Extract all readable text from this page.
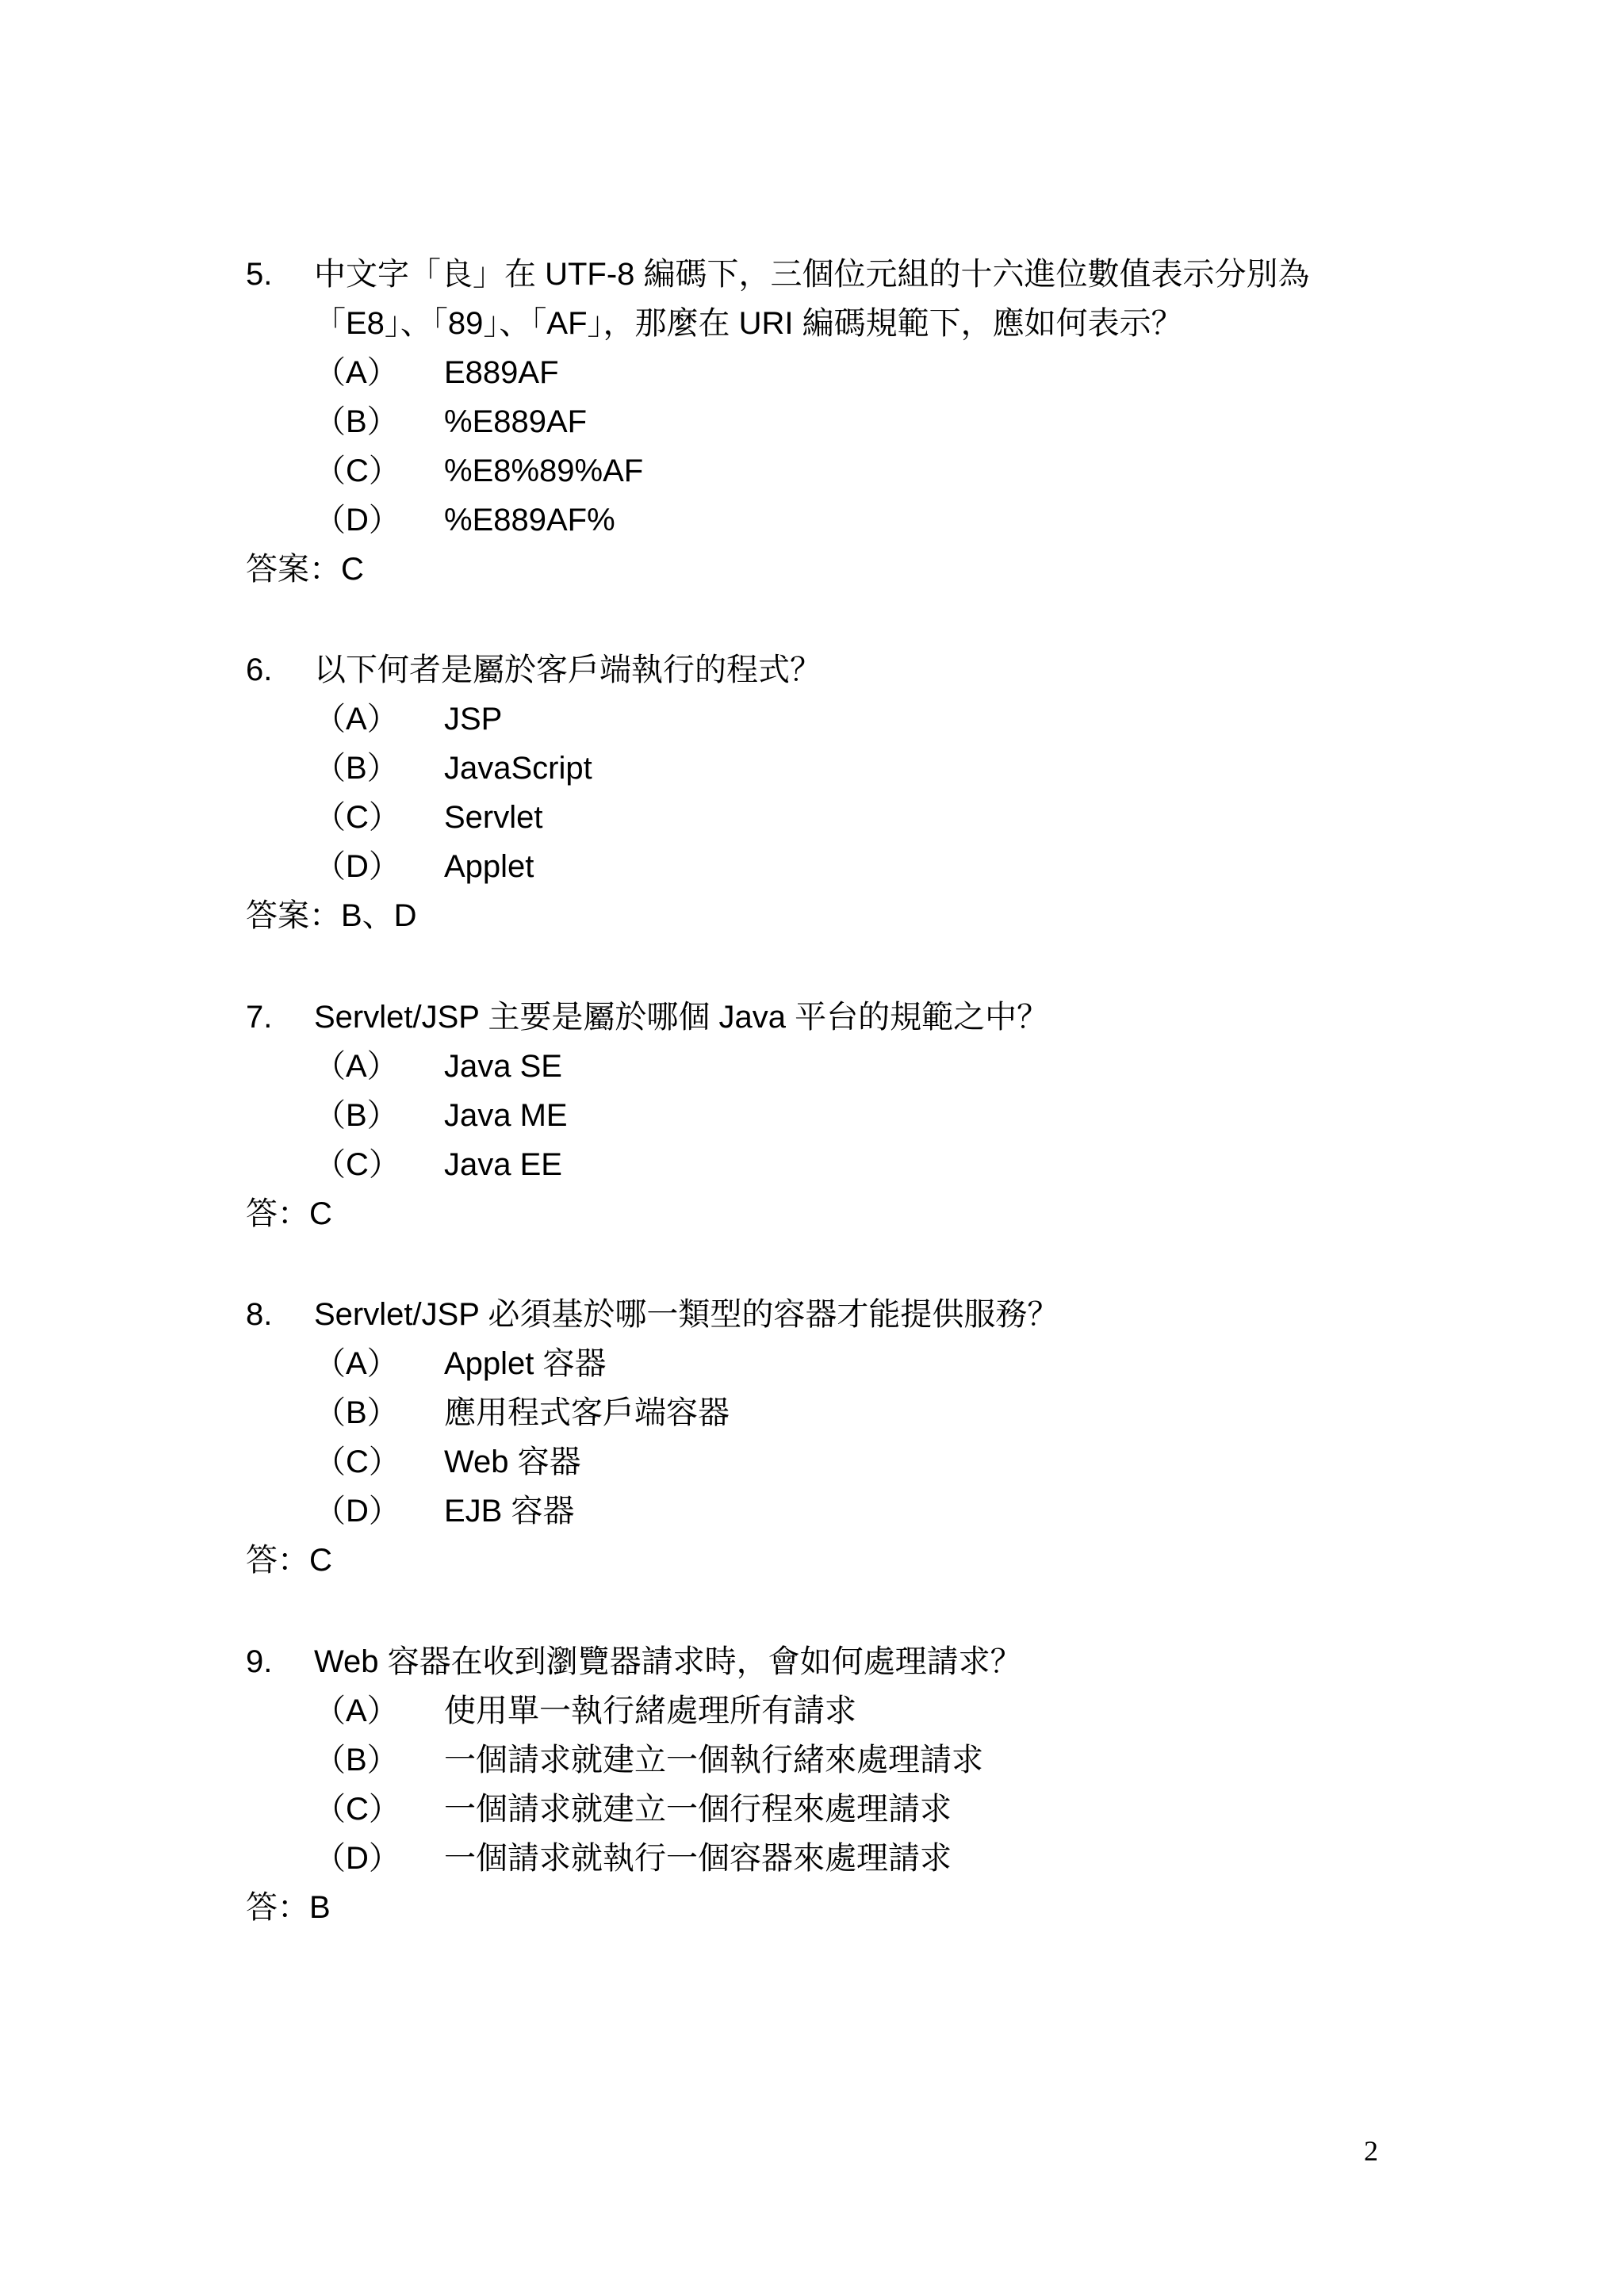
5.	中文字「良」在 UTF-8 編碼下，三個位元組的十六進位數值表示分別為
「E8」、「89」、「AF」，那麼在 URI 編碼規範下，應如何表示？
（A）	E889AF
（B）	%E889AF
（C）	%E8%89%AF
（D）	%E889AF%
答案：C
6.	以下何者是屬於客戶端執行的程式？
（A）	JSP
（B）	JavaScript
（C）	Servlet
（D）	Applet
答案：B、D
7.	Servlet/JSP 主要是屬於哪個 Java 平台的規範之中？
（A）	Java SE
（B）	Java ME
（C）	Java EE
答：C
8.	Servlet/JSP 必須基於哪一類型的容器才能提供服務？
（A）	Applet 容器
（B）	應用程式客戶端容器
（C）	Web 容器
（D）	EJB 容器
答：C
9.	Web 容器在收到瀏覽器請求時，會如何處理請求？
（A）	使用單一執行緒處理所有請求
（B）	一個請求就建立一個執行緒來處理請求
（C）	一個請求就建立一個行程來處理請求
（D）	一個請求就執行一個容器來處理請求
答：B
2
